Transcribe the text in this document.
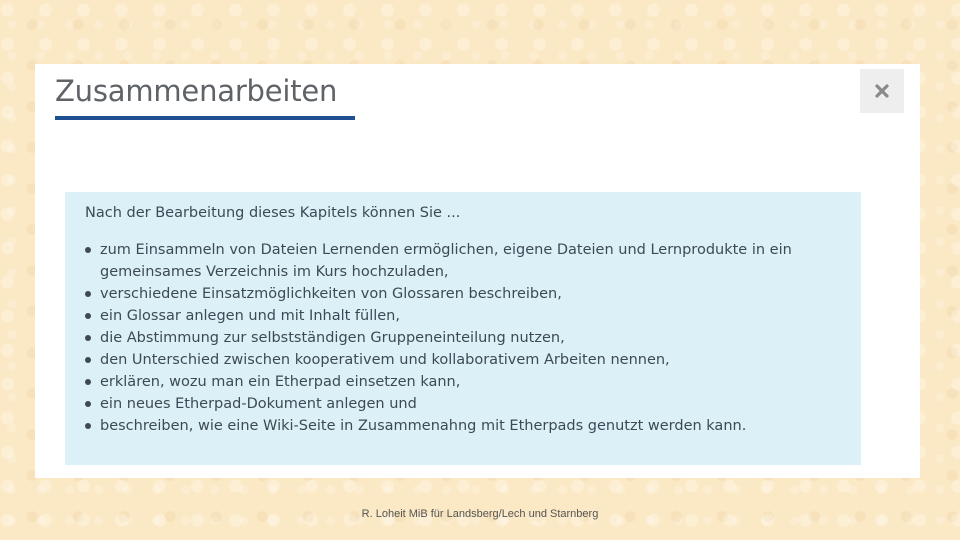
Zusammenarbeiten
Nach der Bearbeitung dieses Kapitels können Sie ...
zum Einsammeln von Dateien Lernenden ermöglichen, eigene Dateien und Lernprodukte in ein gemeinsames Verzeichnis im Kurs hochzuladen,
verschiedene Einsatzmöglichkeiten von Glossaren beschreiben,
ein Glossar anlegen und mit Inhalt füllen,
die Abstimmung zur selbstständigen Gruppeneinteilung nutzen,
den Unterschied zwischen kooperativem und kollaborativem Arbeiten nennen,
erklären, wozu man ein Etherpad einsetzen kann,
ein neues Etherpad-Dokument anlegen und
beschreiben, wie eine Wiki-Seite in Zusammenahng mit Etherpads genutzt werden kann.
R. Loheit MiB für Landsberg/Lech und Starnberg
